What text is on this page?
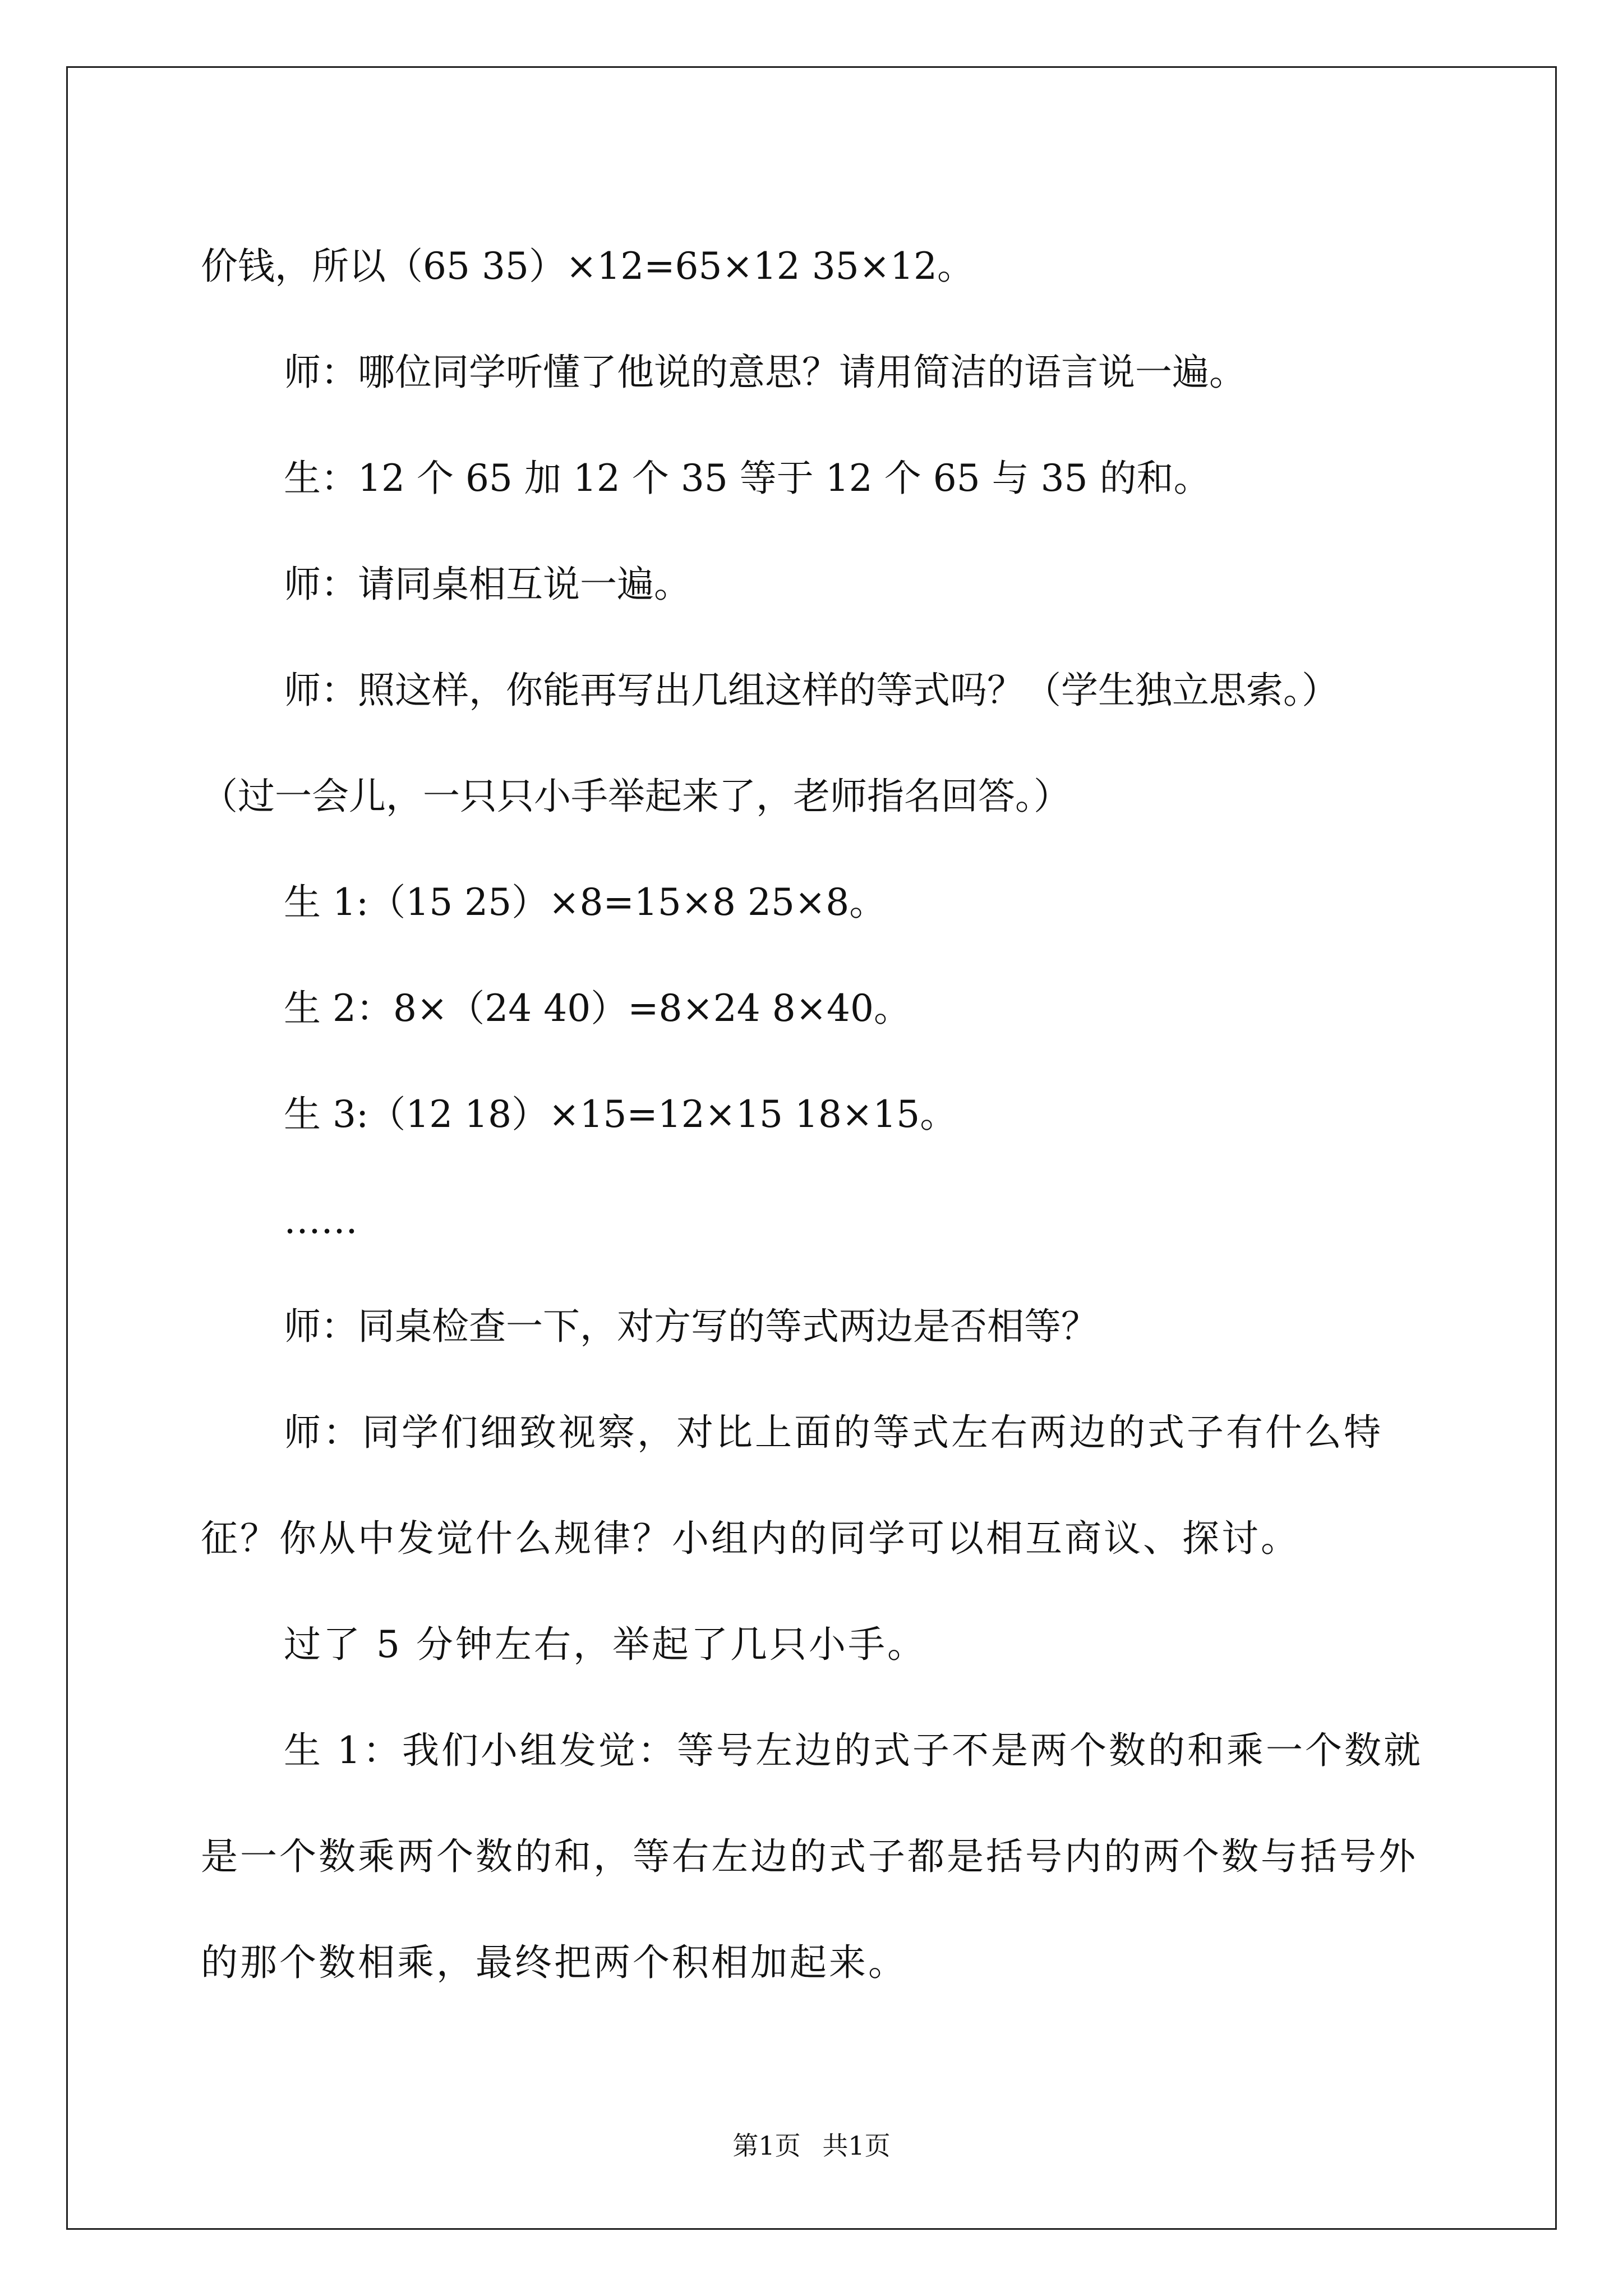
价钱，所以（65 35）×12=65×12 35×12。

师：哪位同学听懂了他说的意思？请用简洁的语言说一遍。

生：12 个 65 加 12 个 35 等于 12 个 65 与 35 的和。

师：请同桌相互说一遍。

师：照这样，你能再写出几组这样的等式吗？（学生独立思索。）

（过一会儿，一只只小手举起来了，老师指名回答。）

生 1:（15 25）×8=15×8 25×8。

生 2：8×（24 40）=8×24 8×40。

生 3:（12 18）×15=12×15 18×15。

……

师：同桌检查一下，对方写的等式两边是否相等？

师：同学们细致视察，对比上面的等式左右两边的式子有什么特征？你从中发觉什么规律？小组内的同学可以相互商议、探讨。

过了 5 分钟左右，举起了几只小手。

生 1：我们小组发觉：等号左边的式子不是两个数的和乘一个数就是一个数乘两个数的和，等右左边的式子都是括号内的两个数与括号外的那个数相乘，最终把两个积相加起来。

第1页 共1页
